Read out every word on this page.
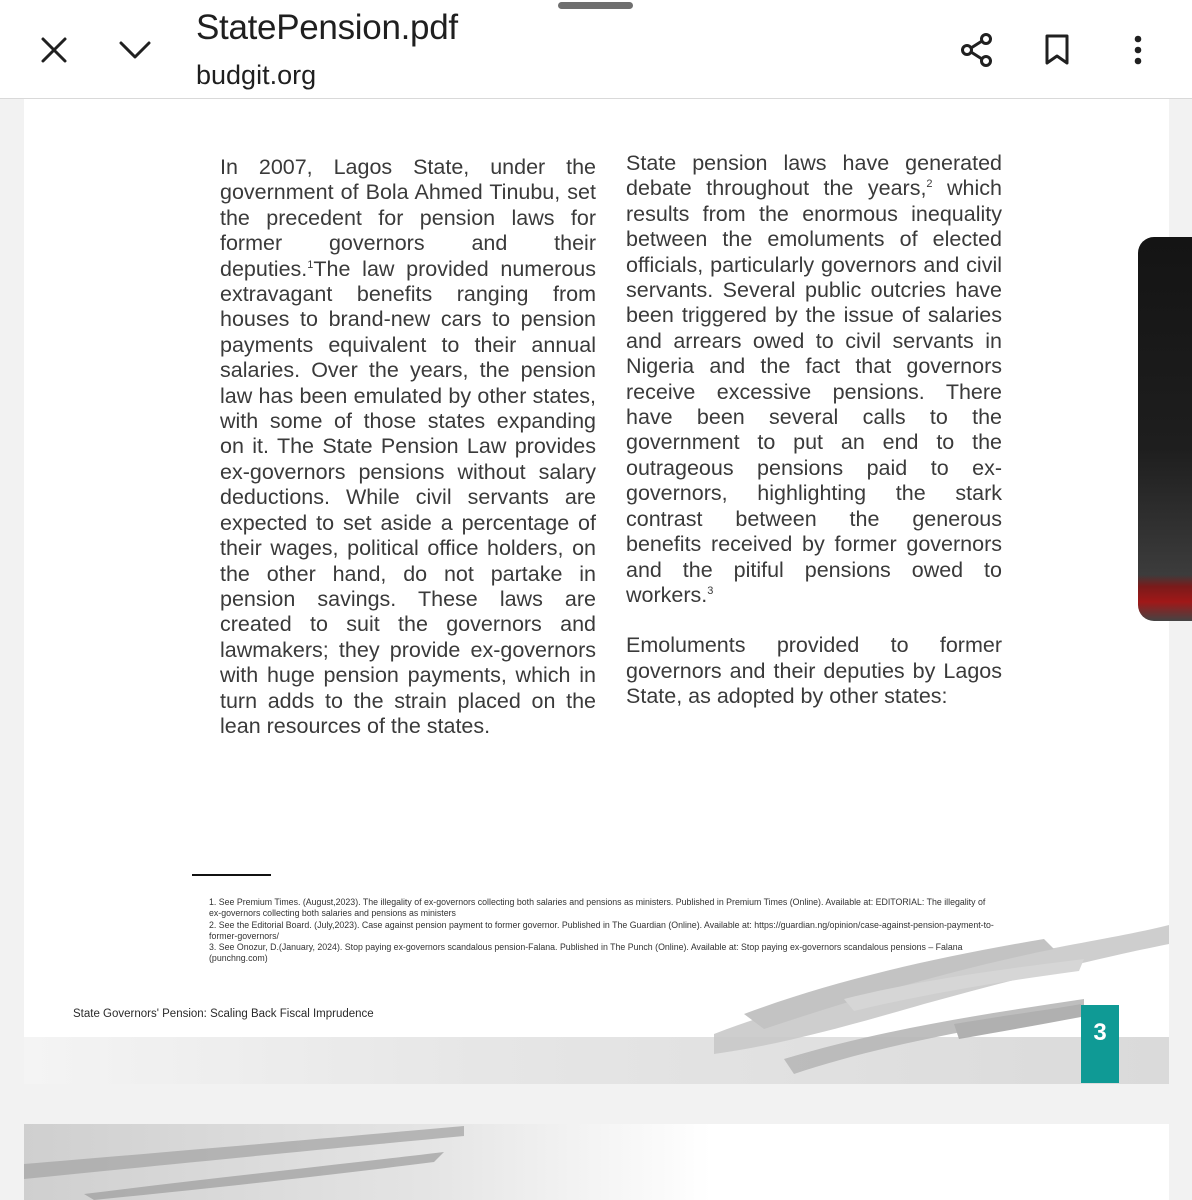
StatePension.pdf
budgit.org

In 2007, Lagos State, under the government of Bola Ahmed Tinubu, set the precedent for pension laws for former governors and their deputies.$^1$The law provided numerous extravagant benefits ranging from houses to brand-new cars to pension payments equivalent to their annual salaries. Over the years, the pension law has been emulated by other states, with some of those states expanding on it. The State Pension Law provides ex-governors pensions without salary deductions. While civil servants are expected to set aside a percentage of their wages, political office holders, on the other hand, do not partake in pension savings. These laws are created to suit the governors and lawmakers; they provide ex-governors with huge pension payments, which in turn adds to the strain placed on the lean resources of the states.

State pension laws have generated debate throughout the years,$^2$ which results from the enormous inequality between the emoluments of elected officials, particularly governors and civil servants. Several public outcries have been triggered by the issue of salaries and arrears owed to civil servants in Nigeria and the fact that governors receive excessive pensions. There have been several calls to the government to put an end to the outrageous pensions paid to ex-governors, highlighting the stark contrast between the generous benefits received by former governors and the pitiful pensions owed to workers.$^3$

Emoluments provided to former governors and their deputies by Lagos State, as adopted by other states:

1. See Premium Times. (August,2023). The illegality of ex-governors collecting both salaries and pensions as ministers. Published in Premium Times (Online). Available at: EDITORIAL: The illegality of ex-governors collecting both salaries and pensions as ministers
2. See the Editorial Board. (July,2023). Case against pension payment to former governor. Published in The Guardian (Online). Available at: https://guardian.ng/opinion/case-against-pension-payment-to-former-governors/
3. See Onozur, D.(January, 2024). Stop paying ex-governors scandalous pension-Falana. Published in The Punch (Online). Available at: Stop paying ex-governors scandalous pensions – Falana (punchng.com)
State Governors' Pension: Scaling Back Fiscal Imprudence
3
